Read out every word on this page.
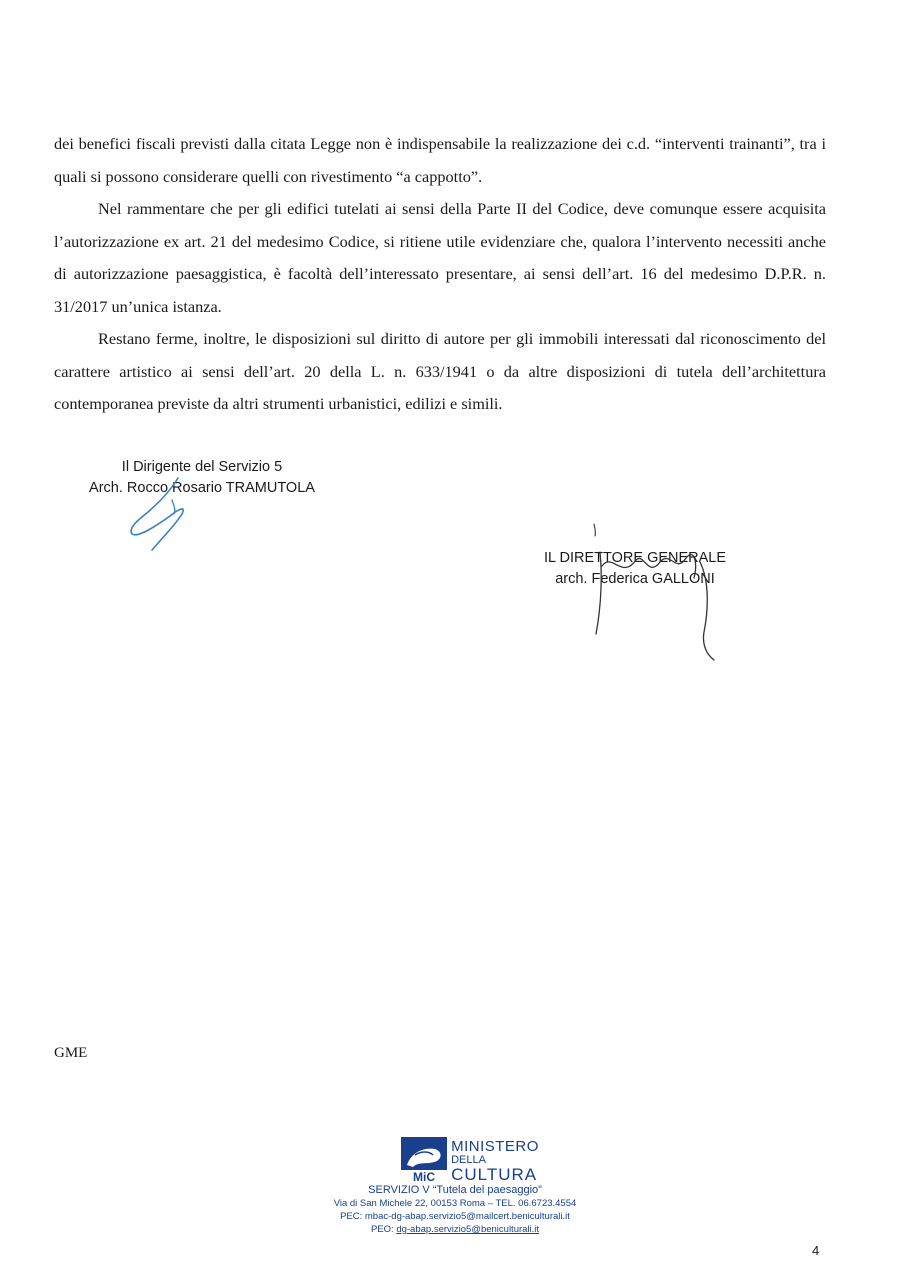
dei benefici fiscali previsti dalla citata Legge non è indispensabile la realizzazione dei c.d. “interventi trainanti”, tra i quali si possono considerare quelli con rivestimento “a cappotto”.

Nel rammentare che per gli edifici tutelati ai sensi della Parte II del Codice, deve comunque essere acquisita l’autorizzazione ex art. 21 del medesimo Codice, si ritiene utile evidenziare che, qualora l’intervento necessiti anche di autorizzazione paesaggistica, è facoltà dell’interessato presentare, ai sensi dell’art. 16 del medesimo D.P.R. n. 31/2017 un’unica istanza.

Restano ferme, inoltre, le disposizioni sul diritto di autore per gli immobili interessati dal riconoscimento del carattere artistico ai sensi dell’art. 20 della L. n. 633/1941 o da altre disposizioni di tutela dell’architettura contemporanea previste da altri strumenti urbanistici, edilizi e simili.

Il Dirigente del Servizio 5
Arch. Rocco Rosario TRAMUTOLA
IL DIRETTORE GENERALE
arch. Federica GALLONI
GME
MiC
MINISTERO
DELLA
CULTURA
SERVIZIO V “Tutela del paesaggio”
Via di San Michele 22, 00153 Roma – TEL. 06.6723.4554
PEC: mbac-dg-abap.servizio5@mailcert.beniculturali.it
PEO: dg-abap.servizio5@beniculturali.it
4
